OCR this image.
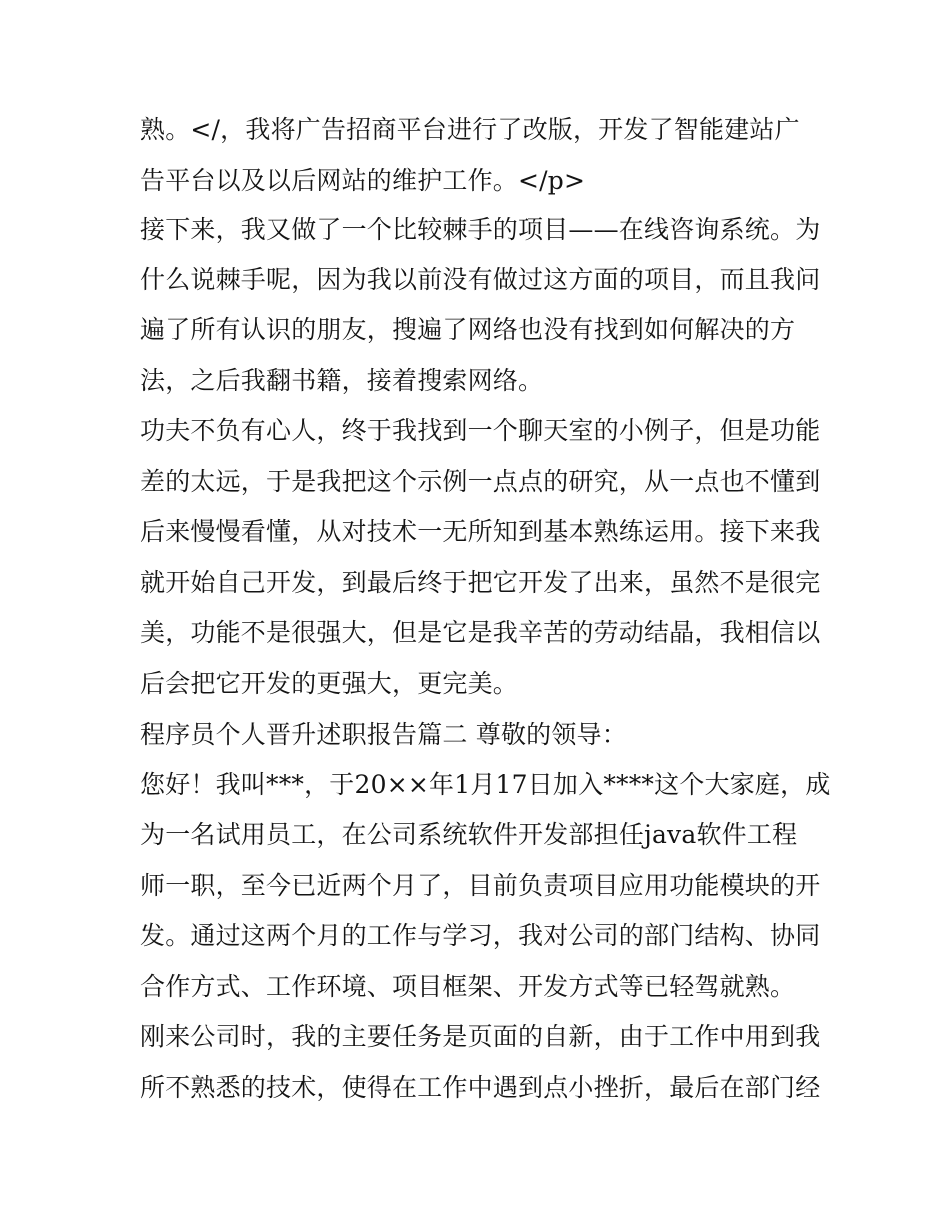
熟。</，我将广告招商平台进行了改版，开发了智能建站广
告平台以及以后网站的维护工作。</p>
接下来，我又做了一个比较棘手的项目——在线咨询系统。为
什么说棘手呢，因为我以前没有做过这方面的项目，而且我问
遍了所有认识的朋友，搜遍了网络也没有找到如何解决的方
法，之后我翻书籍，接着搜索网络。
功夫不负有心人，终于我找到一个聊天室的小例子，但是功能
差的太远，于是我把这个示例一点点的研究，从一点也不懂到
后来慢慢看懂，从对技术一无所知到基本熟练运用。接下来我
就开始自己开发，到最后终于把它开发了出来，虽然不是很完
美，功能不是很强大，但是它是我辛苦的劳动结晶，我相信以
后会把它开发的更强大，更完美。
程序员个人晋升述职报告篇二 尊敬的领导：
您好！我叫***，于20××年1月17日加入****这个大家庭，成
为一名试用员工，在公司系统软件开发部担任java软件工程
师一职，至今已近两个月了，目前负责项目应用功能模块的开
发。通过这两个月的工作与学习，我对公司的部门结构、协同
合作方式、工作环境、项目框架、开发方式等已轻驾就熟。
刚来公司时，我的主要任务是页面的自新，由于工作中用到我
所不熟悉的技术，使得在工作中遇到点小挫折，最后在部门经
